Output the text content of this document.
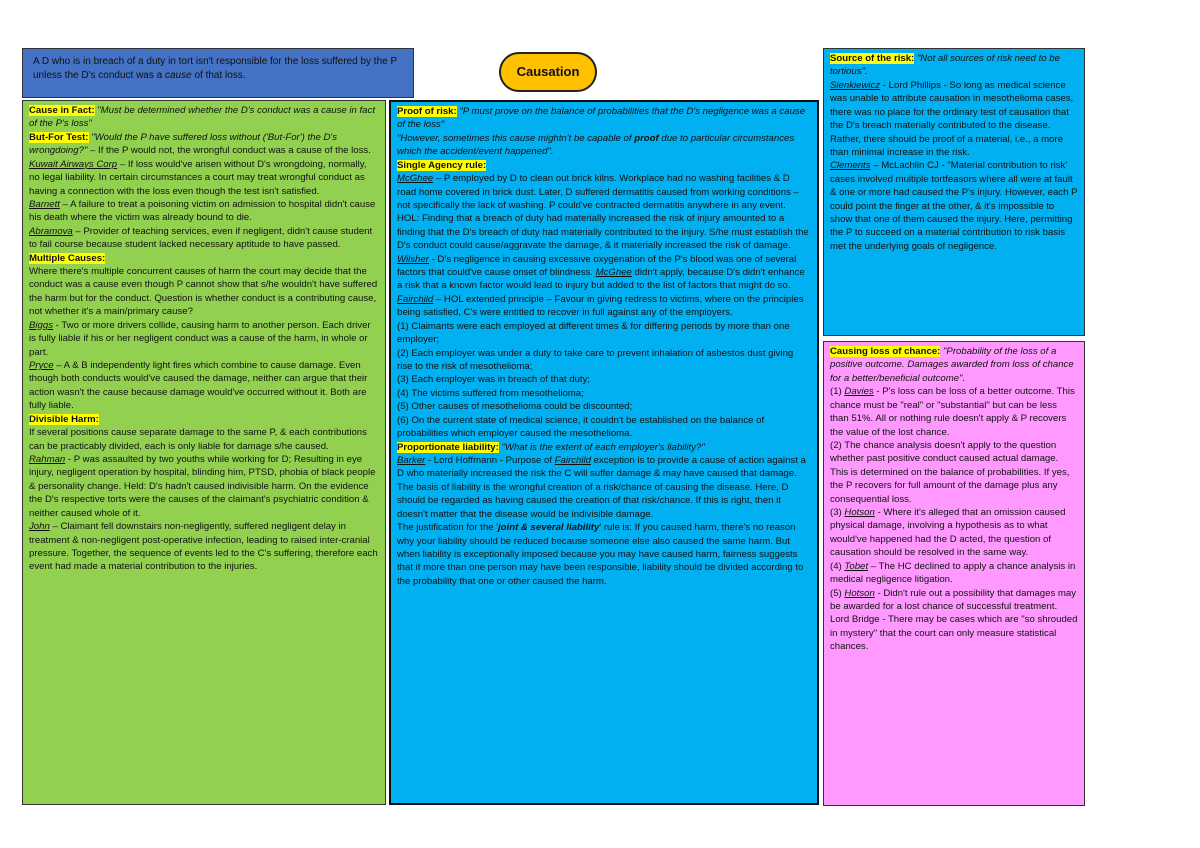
A D who is in breach of a duty in tort isn't responsible for the loss suffered by the P unless the D's conduct was a cause of that loss.	Causation

Cause in Fact: "Must be determined whether the D's conduct was a cause in fact of the P's loss"

But-For Test: "Would the P have suffered loss without ('But-For') the D's wrongdoing?" – If the P would not, the wrongful conduct was a cause of the loss.

Kuwait Airways Corp – If loss would've arisen without D's wrongdoing, normally, no legal liability. In certain circumstances a court may treat wrongful conduct as having a connection with the loss even though the test isn't satisfied.

Barnett – A failure to treat a poisoning victim on admission to hospital didn't cause his death where the victim was already bound to die.

Abramova – Provider of teaching services, even if negligent, didn't cause student to fail course because student lacked necessary aptitude to have passed.

Multiple Causes:

Where there's multiple concurrent causes of harm the court may decide that the conduct was a cause even though P cannot show that s/he wouldn't have suffered the harm but for the conduct. Question is whether conduct is a contributing cause, not whether it's a main/primary cause?

Biggs - Two or more drivers collide, causing harm to another person. Each driver is fully liable if his or her negligent conduct was a cause of the harm, in whole or part.

Pryce – A & B independently light fires which combine to cause damage. Even though both conducts would've caused the damage, neither can argue that their action wasn't the cause because damage would've occurred without it. Both are fully liable.

Divisible Harm:

If several positions cause separate damage to the same P, & each contributions can be practicably divided, each is only liable for damage s/he caused.

Rahman - P was assaulted by two youths while working for D; Resulting in eye injury, negligent operation by hospital, blinding him, PTSD, phobia of black people & personality change. Held: D's hadn't caused indivisible harm. On the evidence the D's respective torts were the causes of the claimant's psychiatric condition & neither caused whole of it.

John – Claimant fell downstairs non-negligently, suffered negligent delay in treatment & non-negligent post-operative infection, leading to raised inter-cranial pressure. Together, the sequence of events led to the C's suffering, therefore each event had made a material contribution to the injuries.

Proof of risk: "P must prove on the balance of probabilities that the D's negligence was a cause of the loss"

"However, sometimes this cause mightn't be capable of proof due to particular circumstances which the accident/event happened".

Single Agency rule:

McGhee – P employed by D to clean out brick kilns. Workplace had no washing facilities & D road home covered in brick dust. Later, D suffered dermatitis caused from working conditions – not specifically the lack of washing. P could've contracted dermatitis anywhere in any event.

HOL: Finding that a breach of duty had materially increased the risk of injury amounted to a finding that the D's breach of duty had materially contributed to the injury. S/he must establish the D's conduct could cause/aggravate the damage, & it materially increased the risk of damage.

Wilsher - D's negligence in causing excessive oxygenation of the P's blood was one of several factors that could've cause onset of blindness. McGhee didn't apply, because D's didn't enhance a risk that a known factor would lead to injury but added to the list of factors that might do so.

Fairchild – HOL extended principle – Favour in giving redress to victims, where on the principles being satisfied, C's were entitled to recover in full against any of the employers.

(1) Claimants were each employed at different times & for differing periods by more than one employer;

(2) Each employer was under a duty to take care to prevent inhalation of asbestos dust giving rise to the risk of mesothelioma;

(3) Each employer was in breach of that duty;

(4) The victims suffered from mesothelioma;

(5) Other causes of mesothelioma could be discounted;

(6) On the current state of medical science, it couldn't be established on the balance of probabilities which employer caused the mesothelioma.

Proportionate liability: "What is the extent of each employer's liability?"

Barker - Lord Hoffmann - Purpose of Fairchild exception is to provide a cause of action against a D who materially increased the risk the C will suffer damage & may have caused that damage.

The basis of liability is the wrongful creation of a risk/chance of causing the disease. Here, D should be regarded as having caused the creation of that risk/chance. If this is right, then it doesn't matter that the disease would be indivisible damage.

The justification for the 'joint & several liability' rule is: If you caused harm, there's no reason why your liability should be reduced because someone else also caused the same harm. But when liability is exceptionally imposed because you may have caused harm, fairness suggests that if more than one person may have been responsible, liability should be divided according to the probability that one or other caused the harm.

Source of the risk: "Not all sources of risk need to be tortious".

Sienkiewicz - Lord Phillips - So long as medical science was unable to attribute causation in mesothelioma cases, there was no place for the ordinary test of causation that the D's breach materially contributed to the disease. Rather, there should be proof of a material, i.e., a more than minimal increase in the risk.

Clements – McLachlin CJ - "Material contribution to risk' cases involved multiple tortfeasors where all were at fault & one or more had caused the P's injury. However, each P could point the finger at the other, & it's impossible to show that one of them caused the injury. Here, permitting the P to succeed on a material contribution to risk basis met the underlying goals of negligence.

Causing loss of chance: "Probability of the loss of a positive outcome. Damages awarded from loss of chance for a better/beneficial outcome".

(1) Davies - P's loss can be loss of a better outcome. This chance must be "real" or "substantial" but can be less than 51%. All or nothing rule doesn't apply & P recovers the value of the lost chance.

(2) The chance analysis doesn't apply to the question whether past positive conduct caused actual damage. This is determined on the balance of probabilities. If yes, the P recovers for full amount of the damage plus any consequential loss.

(3) Hotson - Where it's alleged that an omission caused physical damage, involving a hypothesis as to what would've happened had the D acted, the question of causation should be resolved in the same way.

(4) Tobet – The HC declined to apply a chance analysis in medical negligence litigation.

(5) Hotson - Didn't rule out a possibility that damages may be awarded for a lost chance of successful treatment. Lord Bridge - There may be cases which are "so shrouded in mystery" that the court can only measure statistical chances.
